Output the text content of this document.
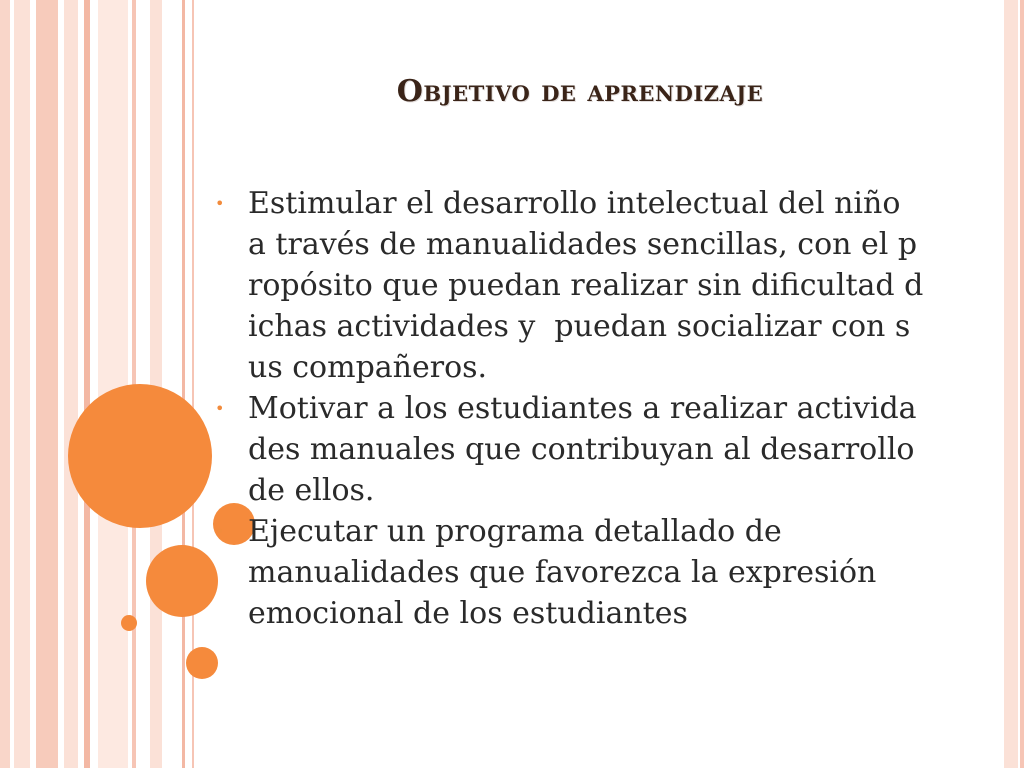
Objetivo de aprendizaje
• Estimular el desarrollo intelectual del niño
a través de manualidades sencillas, con el p
ropósito que puedan realizar sin dificultad d
ichas actividades y  puedan socializar con s
us compañeros.
• Motivar a los estudiantes a realizar activida
des manuales que contribuyan al desarrollo
de ellos.
• Ejecutar un programa detallado de
manualidades que favorezca la expresión
emocional de los estudiantes
